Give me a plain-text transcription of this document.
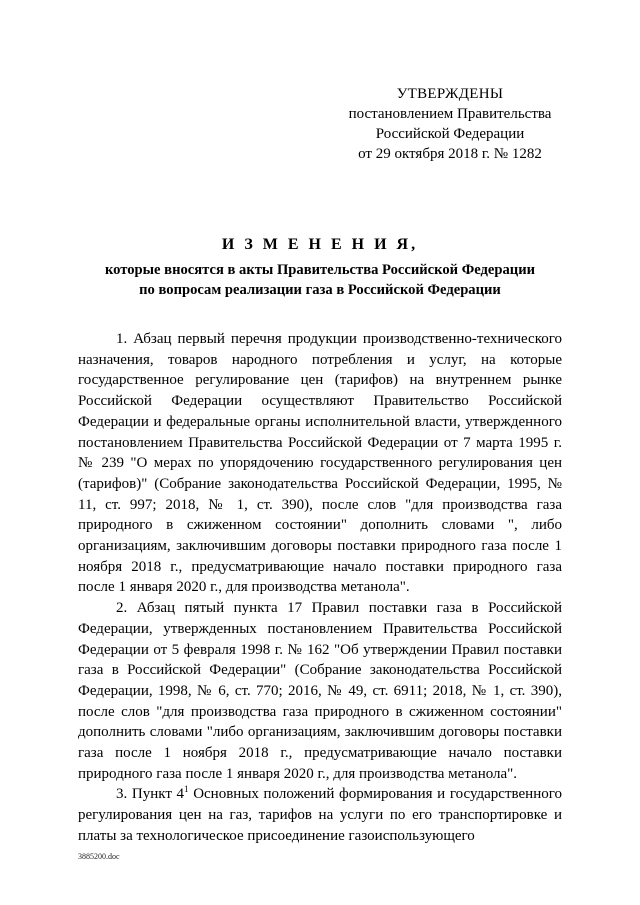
УТВЕРЖДЕНЫ
постановлением Правительства
Российской Федерации
от 29 октября 2018 г. № 1282
И З М Е Н Е Н И Я,
которые вносятся в акты Правительства Российской Федерации
по вопросам реализации газа в Российской Федерации

1. Абзац первый перечня продукции производственно-технического назначения, товаров народного потребления и услуг, на которые государственное регулирование цен (тарифов) на внутреннем рынке Российской Федерации осуществляют Правительство Российской Федерации и федеральные органы исполнительной власти, утвержденного постановлением Правительства Российской Федерации от 7 марта 1995 г. № 239 "О мерах по упорядочению государственного регулирования цен (тарифов)" (Собрание законодательства Российской Федерации, 1995, № 11, ст. 997; 2018, № 1, ст. 390), после слов "для производства газа природного в сжиженном состоянии" дополнить словами ", либо организациям, заключившим договоры поставки природного газа после 1 ноября 2018 г., предусматривающие начало поставки природного газа после 1 января 2020 г., для производства метанола".

2. Абзац пятый пункта 17 Правил поставки газа в Российской Федерации, утвержденных постановлением Правительства Российской Федерации от 5 февраля 1998 г. № 162 "Об утверждении Правил поставки газа в Российской Федерации" (Собрание законодательства Российской Федерации, 1998, № 6, ст. 770; 2016, № 49, ст. 6911; 2018, № 1, ст. 390), после слов "для производства газа природного в сжиженном состоянии" дополнить словами "либо организациям, заключившим договоры поставки газа после 1 ноября 2018 г., предусматривающие начало поставки природного газа после 1 января 2020 г., для производства метанола".

3. Пункт $4^1$ Основных положений формирования и государственного регулирования цен на газ, тарифов на услуги по его транспортировке и платы за технологическое присоединение газоиспользующего

3885200.doc
